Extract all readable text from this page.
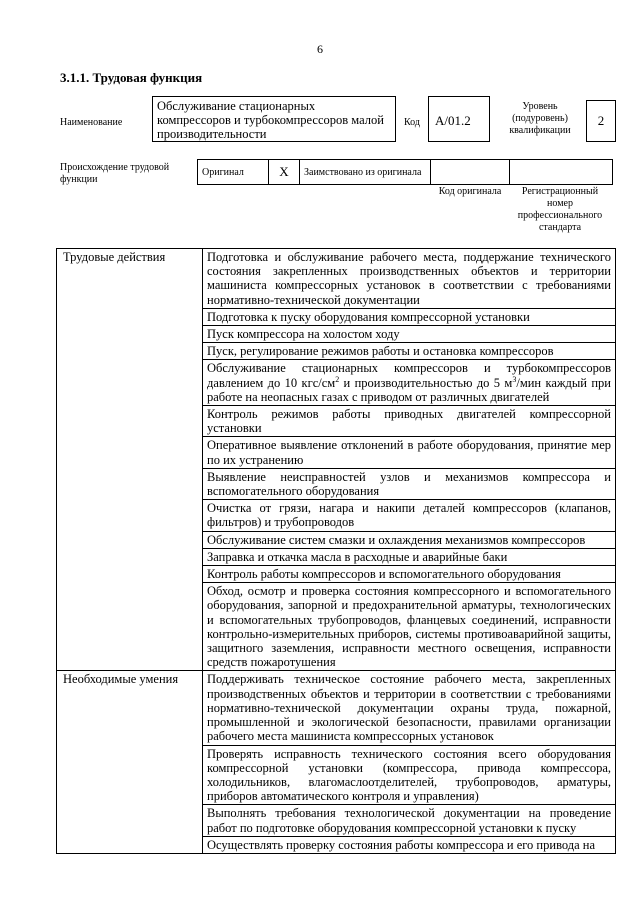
6
3.1.1. Трудовая функция
Наименование
Обслуживание стационарных компрессоров и турбокомпрессоров малой производительности
Код	A/01.2
Уровень
(подуровень)
квалификации
2
Происхождение трудовой функции
Оригинал	X	Заимствовано из оригинала		
Код оригинала	Регистрационный номер профессионального стандарта
Трудовые действия	Подготовка и обслуживание рабочего места, поддержание технического состояния закрепленных производственных объектов и территории машиниста компрессорных установок в соответствии с требованиями нормативно-технической документации
	Подготовка к пуску оборудования компрессорной установки
	Пуск компрессора на холостом ходу
	Пуск, регулирование режимов работы и остановка компрессоров
	Обслуживание стационарных компрессоров и турбокомпрессоров давлением до 10 кгс/$см^2$ и производительностью до 5 $м^3$/мин каждый при работе на неопасных газах с приводом от различных двигателей
	Контроль режимов работы приводных двигателей компрессорной установки
	Оперативное выявление отклонений в работе оборудования, принятие мер по их устранению
	Выявление неисправностей узлов и механизмов компрессора и вспомогательного оборудования
	Очистка от грязи, нагара и накипи деталей компрессоров (клапанов, фильтров) и трубопроводов
	Обслуживание систем смазки и охлаждения механизмов компрессоров
	Заправка и откачка масла в расходные и аварийные баки
	Контроль работы компрессоров и вспомогательного оборудования
	Обход, осмотр и проверка состояния компрессорного и вспомогательного оборудования, запорной и предохранительной арматуры, технологических и вспомогательных трубопроводов, фланцевых соединений, исправности контрольно-измерительных приборов, системы противоаварийной защиты, защитного заземления, исправности местного освещения, исправности средств пожаротушения
Необходимые умения	Поддерживать техническое состояние рабочего места, закрепленных производственных объектов и территории в соответствии с требованиями нормативно-технической документации охраны труда, пожарной, промышленной и экологической безопасности, правилами организации рабочего места машиниста компрессорных установок
	Проверять исправность технического состояния всего оборудования компрессорной установки (компрессора, привода компрессора, холодильников, влагомаслоотделителей, трубопроводов, арматуры, приборов автоматического контроля и управления)
	Выполнять требования технологической документации на проведение работ по подготовке оборудования компрессорной установки к пуску
	Осуществлять проверку состояния работы компрессора и его привода на
